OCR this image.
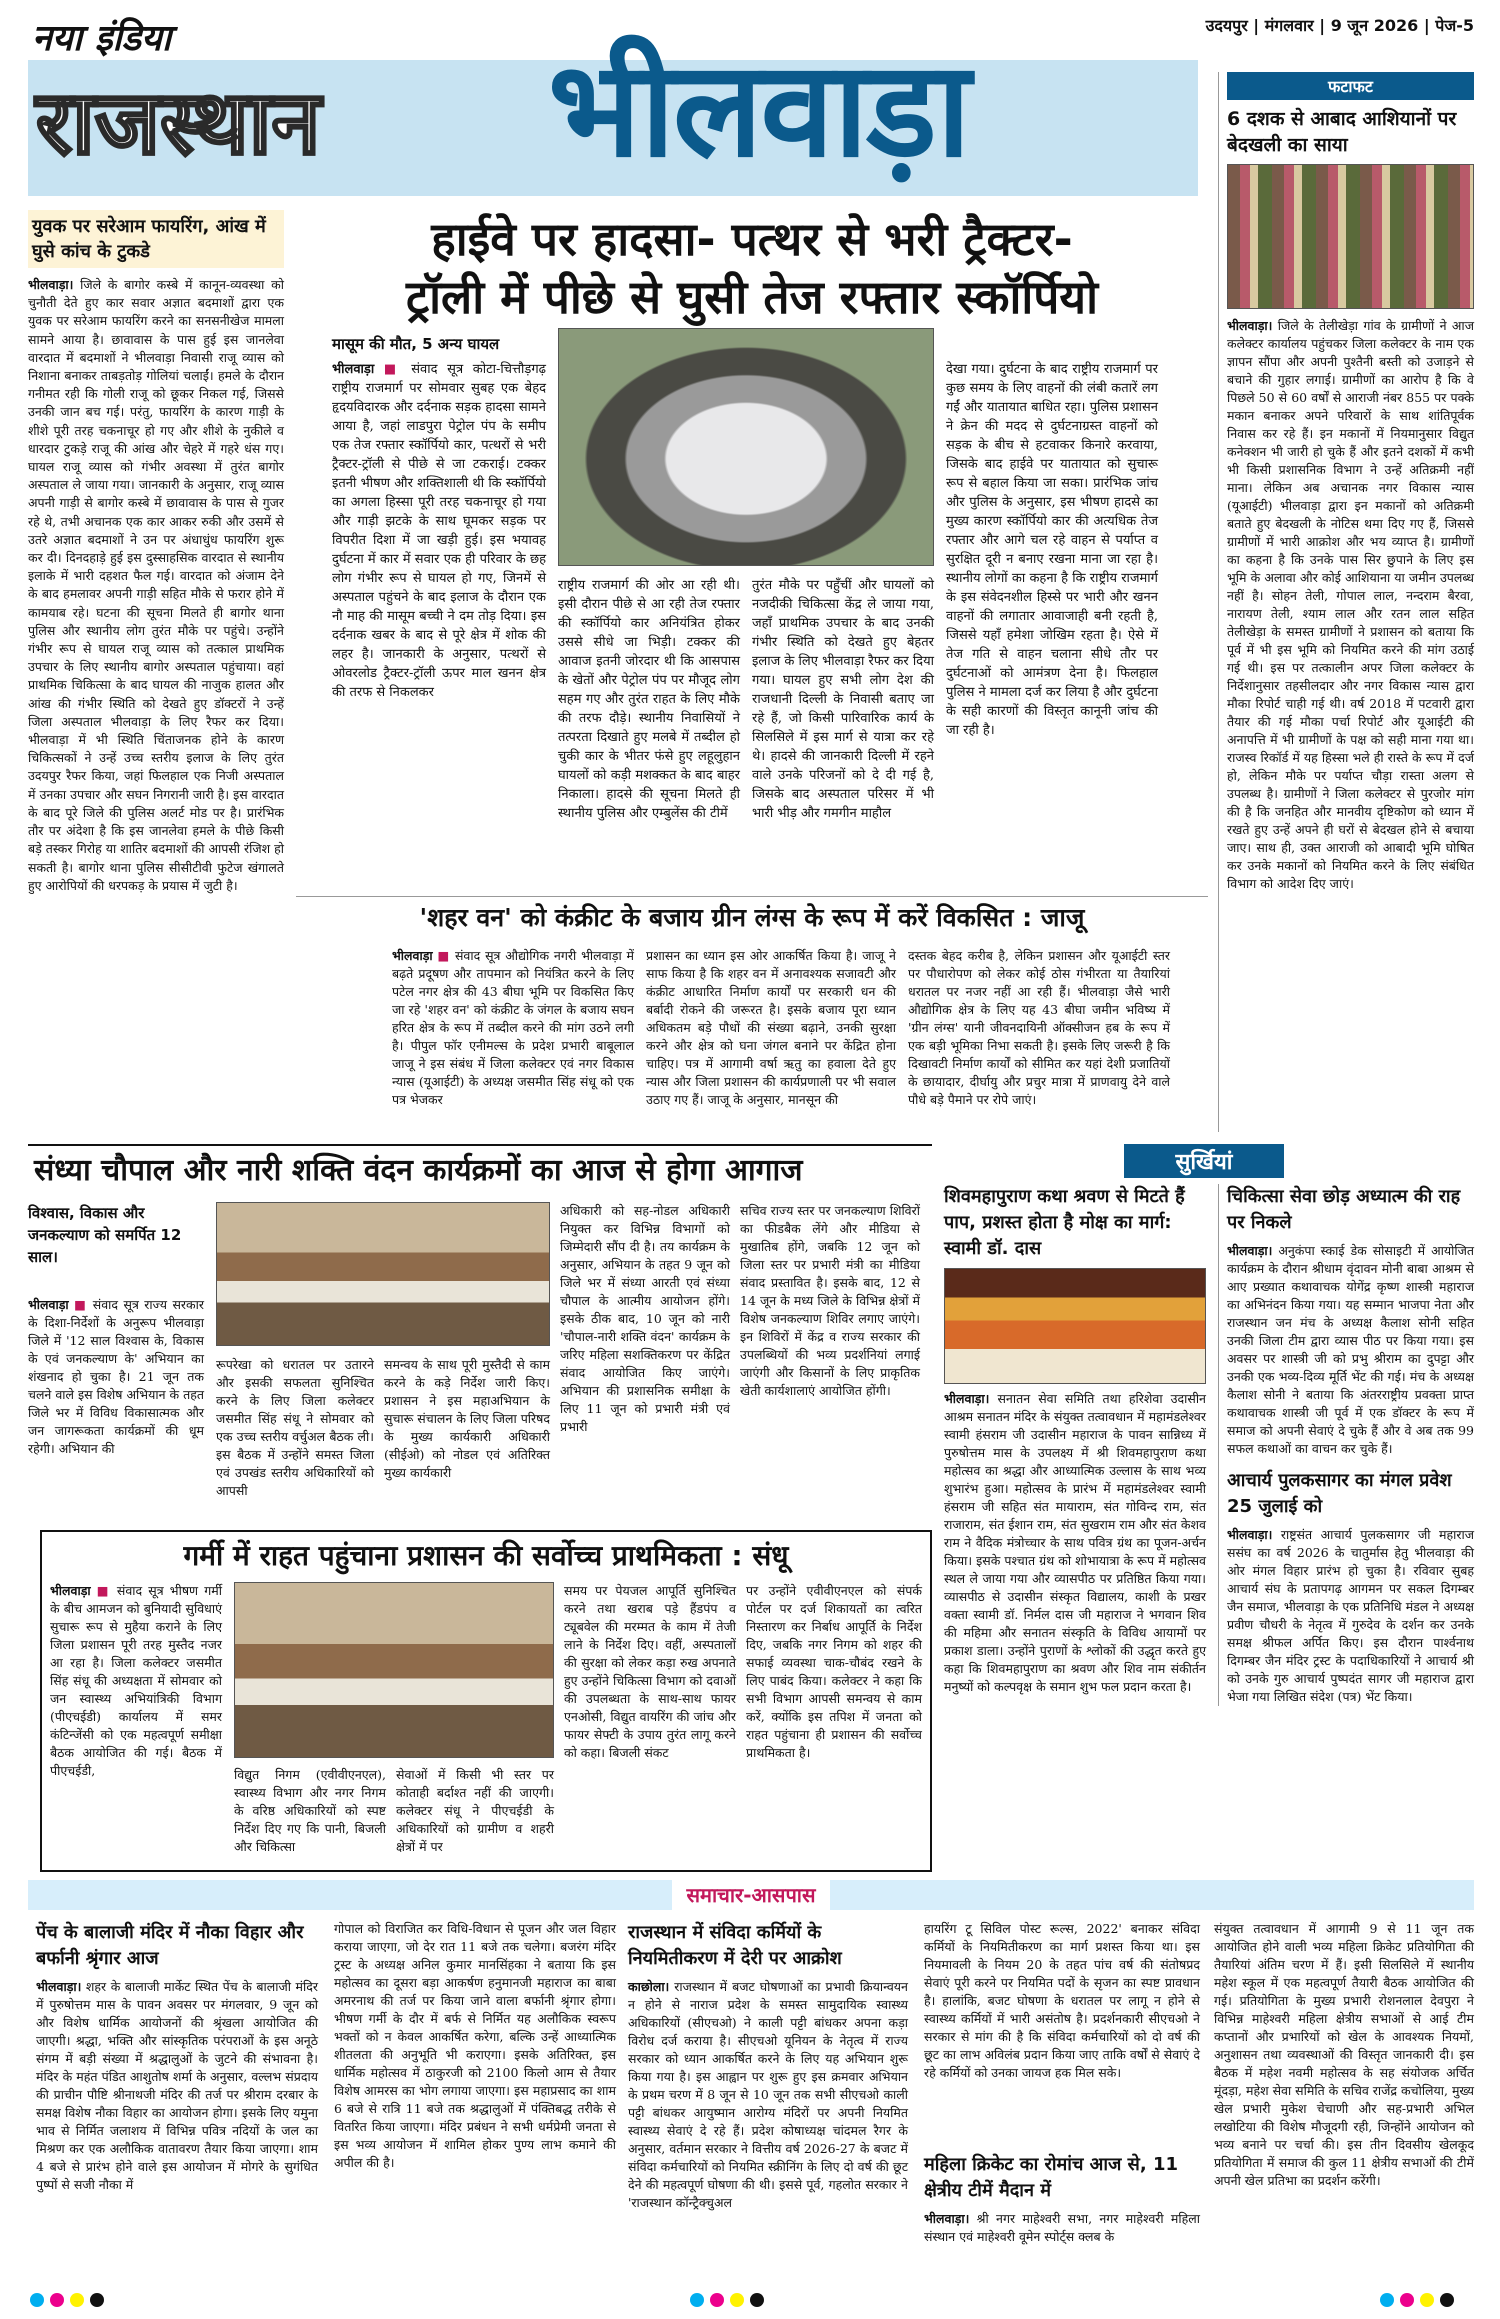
नया इंडिया	उदयपुर | मंगलवार | 9 जून 2026 | पेज-5
राजस्थान भीलवाड़ा	फटाफट
6 दशक से आबाद आशियानों पर बेदखली का साया
भीलवाड़ा। जिले के तेलीखेड़ा गांव के ग्रामीणों ने आज कलेक्टर कार्यालय पहुंचकर जिला कलेक्टर के नाम एक ज्ञापन सौंपा और अपनी पुश्तैनी बस्ती को उजाड़ने से बचाने की गुहार लगाई। ग्रामीणों का आरोप है कि वे पिछले 50 से 60 वर्षों से आराजी नंबर 855 पर पक्के मकान बनाकर अपने परिवारों के साथ शांतिपूर्वक निवास कर रहे हैं। इन मकानों में नियमानुसार विद्युत कनेक्शन भी जारी हो चुके हैं और इतने दशकों में कभी भी किसी प्रशासनिक विभाग ने उन्हें अतिक्रमी नहीं माना। लेकिन अब अचानक नगर विकास न्यास (यूआईटी) भीलवाड़ा द्वारा इन मकानों को अतिक्रमी बताते हुए बेदखली के नोटिस थमा दिए गए हैं, जिससे ग्रामीणों में भारी आक्रोश और भय व्याप्त है। ग्रामीणों का कहना है कि उनके पास सिर छुपाने के लिए इस भूमि के अलावा और कोई आशियाना या जमीन उपलब्ध नहीं है। सोहन तेली, गोपाल लाल, नन्दराम बैरवा, नारायण तेली, श्याम लाल और रतन लाल सहित तेलीखेड़ा के समस्त ग्रामीणों ने प्रशासन को बताया कि पूर्व में भी इस भूमि को नियमित करने की मांग उठाई गई थी। इस पर तत्कालीन अपर जिला कलेक्टर के निर्देशानुसार तहसीलदार और नगर विकास न्यास द्वारा मौका रिपोर्ट चाही गई थी। वर्ष 2018 में पटवारी द्वारा तैयार की गई मौका पर्चा रिपोर्ट और यूआईटी की अनापत्ति में भी ग्रामीणों के पक्ष को सही माना गया था। राजस्व रिकॉर्ड में यह हिस्सा भले ही रास्ते के रूप में दर्ज हो, लेकिन मौके पर पर्याप्त चौड़ा रास्ता अलग से उपलब्ध है। ग्रामीणों ने जिला कलेक्टर से पुरजोर मांग की है कि जनहित और मानवीय दृष्टिकोण को ध्यान में रखते हुए उन्हें अपने ही घरों से बेदखल होने से बचाया जाए। साथ ही, उक्त आराजी को आबादी भूमि घोषित कर उनके मकानों को नियमित करने के लिए संबंधित विभाग को आदेश दिए जाएं।
युवक पर सरेआम फायरिंग, आंख में घुसे कांच के टुकडे
भीलवाड़ा। जिले के बागोर कस्बे में कानून-व्यवस्था को चुनौती देते हुए कार सवार अज्ञात बदमाशों द्वारा एक युवक पर सरेआम फायरिंग करने का सनसनीखेज मामला सामने आया है। छावावास के पास हुई इस जानलेवा वारदात में बदमाशों ने भीलवाड़ा निवासी राजू व्यास को निशाना बनाकर ताबड़तोड़ गोलियां चलाईं। हमले के दौरान गनीमत रही कि गोली राजू को छूकर निकल गई, जिससे उनकी जान बच गई। परंतु, फायरिंग के कारण गाड़ी के शीशे पूरी तरह चकनाचूर हो गए और शीशे के नुकीले व धारदार टुकड़े राजू की आंख और चेहरे में गहरे धंस गए। घायल राजू व्यास को गंभीर अवस्था में तुरंत बागोर अस्पताल ले जाया गया। जानकारी के अनुसार, राजू व्यास अपनी गाड़ी से बागोर कस्बे में छावावास के पास से गुजर रहे थे, तभी अचानक एक कार आकर रुकी और उसमें से उतरे अज्ञात बदमाशों ने उन पर अंधाधुंध फायरिंग शुरू कर दी। दिनदहाड़े हुई इस दुस्साहसिक वारदात से स्थानीय इलाके में भारी दहशत फैल गई। वारदात को अंजाम देने के बाद हमलावर अपनी गाड़ी सहित मौके से फरार होने में कामयाब रहे। घटना की सूचना मिलते ही बागोर थाना पुलिस और स्थानीय लोग तुरंत मौके पर पहुंचे। उन्होंने गंभीर रूप से घायल राजू व्यास को तत्काल प्राथमिक उपचार के लिए स्थानीय बागोर अस्पताल पहुंचाया। वहां प्राथमिक चिकित्सा के बाद घायल की नाजुक हालत और आंख की गंभीर स्थिति को देखते हुए डॉक्टरों ने उन्हें जिला अस्पताल भीलवाड़ा के लिए रैफर कर दिया। भीलवाड़ा में भी स्थिति चिंताजनक होने के कारण चिकित्सकों ने उन्हें उच्च स्तरीय इलाज के लिए तुरंत उदयपुर रैफर किया, जहां फिलहाल एक निजी अस्पताल में उनका उपचार और सघन निगरानी जारी है। इस वारदात के बाद पूरे जिले की पुलिस अलर्ट मोड पर है। प्रारंभिक तौर पर अंदेशा है कि इस जानलेवा हमले के पीछे किसी बड़े तस्कर गिरोह या शातिर बदमाशों की आपसी रंजिश हो सकती है। बागोर थाना पुलिस सीसीटीवी फुटेज खंगालते हुए आरोपियों की धरपकड़ के प्रयास में जुटी है।
हाईवे पर हादसा- पत्थर से भरी ट्रैक्टर-
ट्रॉली में पीछे से घुसी तेज रफ्तार स्कॉर्पियो
मासूम की मौत, 5 अन्य घायल
भीलवाड़ा ■ संवाद सूत्र कोटा-चित्तौड़गढ़ राष्ट्रीय राजमार्ग पर सोमवार सुबह एक बेहद हृदयविदारक और दर्दनाक सड़क हादसा सामने आया है, जहां लाडपुरा पेट्रोल पंप के समीप एक तेज रफ्तार स्कॉर्पियो कार, पत्थरों से भरी ट्रैक्टर-ट्रॉली से पीछे से जा टकराई। टक्कर इतनी भीषण और शक्तिशाली थी कि स्कॉर्पियो का अगला हिस्सा पूरी तरह चकनाचूर हो गया और गाड़ी झटके के साथ घूमकर सड़क पर विपरीत दिशा में जा खड़ी हुई। इस भयावह दुर्घटना में कार में सवार एक ही परिवार के छह लोग गंभीर रूप से घायल हो गए, जिनमें से अस्पताल पहुंचने के बाद इलाज के दौरान एक नौ माह की मासूम बच्ची ने दम तोड़ दिया। इस दर्दनाक खबर के बाद से पूरे क्षेत्र में शोक की लहर है। जानकारी के अनुसार, पत्थरों से ओवरलोड ट्रैक्टर-ट्रॉली ऊपर माल खनन क्षेत्र की तरफ से निकलकर
राष्ट्रीय राजमार्ग की ओर आ रही थी। इसी दौरान पीछे से आ रही तेज रफ्तार की स्कॉर्पियो कार अनियंत्रित होकर उससे सीधे जा भिड़ी। टक्कर की आवाज इतनी जोरदार थी कि आसपास के खेतों और पेट्रोल पंप पर मौजूद लोग सहम गए और तुरंत राहत के लिए मौके की तरफ दौड़े। स्थानीय निवासियों ने तत्परता दिखाते हुए मलबे में तब्दील हो चुकी कार के भीतर फंसे हुए लहूलुहान घायलों को कड़ी मशक्कत के बाद बाहर निकाला। हादसे की सूचना मिलते ही स्थानीय पुलिस और एम्बुलेंस की टीमें
तुरंत मौके पर पहुँचीं और घायलों को नजदीकी चिकित्सा केंद्र ले जाया गया, जहाँ प्राथमिक उपचार के बाद उनकी गंभीर स्थिति को देखते हुए बेहतर इलाज के लिए भीलवाड़ा रैफर कर दिया गया। घायल हुए सभी लोग देश की राजधानी दिल्ली के निवासी बताए जा रहे हैं, जो किसी पारिवारिक कार्य के सिलसिले में इस मार्ग से यात्रा कर रहे थे। हादसे की जानकारी दिल्ली में रहने वाले उनके परिजनों को दे दी गई है, जिसके बाद अस्पताल परिसर में भी भारी भीड़ और गमगीन माहौल
देखा गया। दुर्घटना के बाद राष्ट्रीय राजमार्ग पर कुछ समय के लिए वाहनों की लंबी कतारें लग गईं और यातायात बाधित रहा। पुलिस प्रशासन ने क्रेन की मदद से दुर्घटनाग्रस्त वाहनों को सड़क के बीच से हटवाकर किनारे करवाया, जिसके बाद हाईवे पर यातायात को सुचारू रूप से बहाल किया जा सका। प्रारंभिक जांच और पुलिस के अनुसार, इस भीषण हादसे का मुख्य कारण स्कॉर्पियो कार की अत्यधिक तेज रफ्तार और आगे चल रहे वाहन से पर्याप्त व सुरक्षित दूरी न बनाए रखना माना जा रहा है। स्थानीय लोगों का कहना है कि राष्ट्रीय राजमार्ग के इस संवेदनशील हिस्से पर भारी और खनन वाहनों की लगातार आवाजाही बनी रहती है, जिससे यहाँ हमेशा जोखिम रहता है। ऐसे में तेज गति से वाहन चलाना सीधे तौर पर दुर्घटनाओं को आमंत्रण देना है। फिलहाल पुलिस ने मामला दर्ज कर लिया है और दुर्घटना के सही कारणों की विस्तृत कानूनी जांच की जा रही है।
'शहर वन' को कंक्रीट के बजाय ग्रीन लंग्स के रूप में करें विकसित : जाजू
भीलवाड़ा ■ संवाद सूत्र औद्योगिक नगरी भीलवाड़ा में बढ़ते प्रदूषण और तापमान को नियंत्रित करने के लिए पटेल नगर क्षेत्र की 43 बीघा भूमि पर विकसित किए जा रहे 'शहर वन' को कंक्रीट के जंगल के बजाय सघन हरित क्षेत्र के रूप में तब्दील करने की मांग उठने लगी है। पीपुल फॉर एनीमल्स के प्रदेश प्रभारी बाबूलाल जाजू ने इस संबंध में जिला कलेक्टर एवं नगर विकास न्यास (यूआईटी) के अध्यक्ष जसमीत सिंह संधू को एक पत्र भेजकर
प्रशासन का ध्यान इस ओर आकर्षित किया है। जाजू ने साफ किया है कि शहर वन में अनावश्यक सजावटी और कंक्रीट आधारित निर्माण कार्यों पर सरकारी धन की बर्बादी रोकने की जरूरत है। इसके बजाय पूरा ध्यान अधिकतम बड़े पौधों की संख्या बढ़ाने, उनकी सुरक्षा करने और क्षेत्र को घना जंगल बनाने पर केंद्रित होना चाहिए। पत्र में आगामी वर्षा ऋतु का हवाला देते हुए न्यास और जिला प्रशासन की कार्यप्रणाली पर भी सवाल उठाए गए हैं। जाजू के अनुसार, मानसून की
दस्तक बेहद करीब है, लेकिन प्रशासन और यूआईटी स्तर पर पौधारोपण को लेकर कोई ठोस गंभीरता या तैयारियां धरातल पर नजर नहीं आ रही हैं। भीलवाड़ा जैसे भारी औद्योगिक क्षेत्र के लिए यह 43 बीघा जमीन भविष्य में 'ग्रीन लंग्स' यानी जीवनदायिनी ऑक्सीजन हब के रूप में एक बड़ी भूमिका निभा सकती है। इसके लिए जरूरी है कि दिखावटी निर्माण कार्यों को सीमित कर यहां देशी प्रजातियों के छायादार, दीर्घायु और प्रचुर मात्रा में प्राणवायु देने वाले पौधे बड़े पैमाने पर रोपे जाएं।
संध्या चौपाल और नारी शक्ति वंदन कार्यक्रमों का आज से होगा आगाज
विश्वास, विकास और जनकल्याण को समर्पित 12 साल।
भीलवाड़ा ■ संवाद सूत्र राज्य सरकार के दिशा-निर्देशों के अनुरूप भीलवाड़ा जिले में '12 साल विश्वास के, विकास के एवं जनकल्याण के' अभियान का शंखनाद हो चुका है। 21 जून तक चलने वाले इस विशेष अभियान के तहत जिले भर में विविध विकासात्मक और जन जागरूकता कार्यक्रमों की धूम रहेगी। अभियान की
रूपरेखा को धरातल पर उतारने और इसकी सफलता सुनिश्चित करने के लिए जिला कलेक्टर जसमीत सिंह संधू ने सोमवार को एक उच्च स्तरीय वर्चुअल बैठक ली। इस बैठक में उन्होंने समस्त जिला एवं उपखंड स्तरीय अधिकारियों को आपसी
समन्वय के साथ पूरी मुस्तैदी से काम करने के कड़े निर्देश जारी किए। प्रशासन ने इस महाअभियान के सुचारू संचालन के लिए जिला परिषद के मुख्य कार्यकारी अधिकारी (सीईओ) को नोडल एवं अतिरिक्त मुख्य कार्यकारी
अधिकारी को सह-नोडल अधिकारी नियुक्त कर विभिन्न विभागों को जिम्मेदारी सौंप दी है। तय कार्यक्रम के अनुसार, अभियान के तहत 9 जून को जिले भर में संध्या आरती एवं संध्या चौपाल के आत्मीय आयोजन होंगे। इसके ठीक बाद, 10 जून को नारी 'चौपाल-नारी शक्ति वंदन' कार्यक्रम के जरिए महिला सशक्तिकरण पर केंद्रित संवाद आयोजित किए जाएंगे। अभियान की प्रशासनिक समीक्षा के लिए 11 जून को प्रभारी मंत्री एवं प्रभारी
सचिव राज्य स्तर पर जनकल्याण शिविरों का फीडबैक लेंगे और मीडिया से मुखातिब होंगे, जबकि 12 जून को जिला स्तर पर प्रभारी मंत्री का मीडिया संवाद प्रस्तावित है। इसके बाद, 12 से 14 जून के मध्य जिले के विभिन्न क्षेत्रों में विशेष जनकल्याण शिविर लगाए जाएंगे। इन शिविरों में केंद्र व राज्य सरकार की उपलब्धियों की भव्य प्रदर्शनियां लगाई जाएंगी और किसानों के लिए प्राकृतिक खेती कार्यशालाएं आयोजित होंगी।
गर्मी में राहत पहुंचाना प्रशासन की सर्वोच्च प्राथमिकता : संधू
भीलवाड़ा ■ संवाद सूत्र भीषण गर्मी के बीच आमजन को बुनियादी सुविधाएं सुचारू रूप से मुहैया कराने के लिए जिला प्रशासन पूरी तरह मुस्तैद नजर आ रहा है। जिला कलेक्टर जसमीत सिंह संधू की अध्यक्षता में सोमवार को जन स्वास्थ्य अभियांत्रिकी विभाग (पीएचईडी) कार्यालय में समर कंटिन्जेंसी को एक महत्वपूर्ण समीक्षा बैठक आयोजित की गई। बैठक में पीएचईडी,	विद्युत निगम (एवीवीएनएल), स्वास्थ्य विभाग और नगर निगम के वरिष्ठ अधिकारियों को स्पष्ट निर्देश दिए गए कि पानी, बिजली और चिकित्सा
सेवाओं में किसी भी स्तर पर कोताही बर्दाश्त नहीं की जाएगी। कलेक्टर संधू ने पीएचईडी के अधिकारियों को ग्रामीण व शहरी क्षेत्रों में पर
समय पर पेयजल आपूर्ति सुनिश्चित करने तथा खराब पड़े हैंडपंप व ट्यूबवेल की मरम्मत के काम में तेजी लाने के निर्देश दिए। वहीं, अस्पतालों की सुरक्षा को लेकर कड़ा रुख अपनाते हुए उन्होंने चिकित्सा विभाग को दवाओं की उपलब्धता के साथ-साथ फायर एनओसी, विद्युत वायरिंग की जांच और फायर सेफ्टी के उपाय तुरंत लागू करने को कहा। बिजली संकट
पर उन्होंने एवीवीएनएल को संपर्क पोर्टल पर दर्ज शिकायतों का त्वरित निस्तारण कर निर्बाध आपूर्ति के निर्देश दिए, जबकि नगर निगम को शहर की सफाई व्यवस्था चाक-चौबंद रखने के लिए पाबंद किया। कलेक्टर ने कहा कि सभी विभाग आपसी समन्वय से काम करें, क्योंकि इस तपिश में जनता को राहत पहुंचाना ही प्रशासन की सर्वोच्च प्राथमिकता है।
सुर्खियां
शिवमहापुराण कथा श्रवण से मिटते हैं पाप, प्रशस्त होता है मोक्ष का मार्ग: स्वामी डॉ. दास
भीलवाड़ा। सनातन सेवा समिति तथा हरिशेवा उदासीन आश्रम सनातन मंदिर के संयुक्त तत्वावधान में महामंडलेश्वर स्वामी हंसराम जी उदासीन महाराज के पावन सान्निध्य में पुरुषोत्तम मास के उपलक्ष्य में श्री शिवमहापुराण कथा महोत्सव का श्रद्धा और आध्यात्मिक उल्लास के साथ भव्य शुभारंभ हुआ। महोत्सव के प्रारंभ में महामंडलेश्वर स्वामी हंसराम जी सहित संत मायाराम, संत गोविन्द राम, संत राजाराम, संत ईशान राम, संत सुखराम राम और संत केशव राम ने वैदिक मंत्रोच्चार के साथ पवित्र ग्रंथ का पूजन-अर्चन किया। इसके पश्चात ग्रंथ को शोभायात्रा के रूप में महोत्सव स्थल ले जाया गया और व्यासपीठ पर प्रतिष्ठित किया गया। व्यासपीठ से उदासीन संस्कृत विद्यालय, काशी के प्रखर वक्ता स्वामी डॉ. निर्मल दास जी महाराज ने भगवान शिव की महिमा और सनातन संस्कृति के विविध आयामों पर प्रकाश डाला। उन्होंने पुराणों के श्लोकों की उद्धृत करते हुए कहा कि शिवमहापुराण का श्रवण और शिव नाम संकीर्तन मनुष्यों को कल्पवृक्ष के समान शुभ फल प्रदान करता है।
चिकित्सा सेवा छोड़ अध्यात्म की राह पर निकले
भीलवाड़ा। अनुकंपा स्काई डेक सोसाइटी में आयोजित कार्यक्रम के दौरान श्रीधाम वृंदावन मोनी बाबा आश्रम से आए प्रख्यात कथावाचक योगेंद्र कृष्ण शास्त्री महाराज का अभिनंदन किया गया। यह सम्मान भाजपा नेता और राजस्थान जन मंच के अध्यक्ष कैलाश सोनी सहित उनकी जिला टीम द्वारा व्यास पीठ पर किया गया। इस अवसर पर शास्त्री जी को प्रभु श्रीराम का दुपट्टा और उनकी एक भव्य-दिव्य मूर्ति भेंट की गई। मंच के अध्यक्ष कैलाश सोनी ने बताया कि अंतरराष्ट्रीय प्रवक्ता प्राप्त कथावाचक शास्त्री जी पूर्व में एक डॉक्टर के रूप में समाज को अपनी सेवाएं दे चुके हैं और वे अब तक 99 सफल कथाओं का वाचन कर चुके हैं।
आचार्य पुलकसागर का मंगल प्रवेश 25 जुलाई को
भीलवाड़ा। राष्ट्रसंत आचार्य पुलकसागर जी महाराज ससंघ का वर्ष 2026 के चातुर्मास हेतु भीलवाड़ा की ओर मंगल विहार प्रारंभ हो चुका है। रविवार सुबह आचार्य संघ के प्रतापगढ़ आगमन पर सकल दिगम्बर जैन समाज, भीलवाड़ा के एक प्रतिनिधि मंडल ने अध्यक्ष प्रवीण चौधरी के नेतृत्व में गुरुदेव के दर्शन कर उनके समक्ष श्रीफल अर्पित किए। इस दौरान पार्श्वनाथ दिगम्बर जैन मंदिर ट्रस्ट के पदाधिकारियों ने आचार्य श्री को उनके गुरु आचार्य पुष्पदंत सागर जी महाराज द्वारा भेजा गया लिखित संदेश (पत्र) भेंट किया।
समाचार-आसपास
पेंच के बालाजी मंदिर में नौका विहार और बर्फानी श्रृंगार आज
भीलवाड़ा। शहर के बालाजी मार्केट स्थित पेंच के बालाजी मंदिर में पुरुषोत्तम मास के पावन अवसर पर मंगलवार, 9 जून को और विशेष धार्मिक आयोजनों की श्रृंखला आयोजित की जाएगी। श्रद्धा, भक्ति और सांस्कृतिक परंपराओं के इस अनूठे संगम में बड़ी संख्या में श्रद्धालुओं के जुटने की संभावना है। मंदिर के महंत पंडित आशुतोष शर्मा के अनुसार, वल्लभ संप्रदाय की प्राचीन पौष्टि श्रीनाथजी मंदिर की तर्ज पर श्रीराम दरबार के समक्ष विशेष नौका विहार का आयोजन होगा। इसके लिए यमुना भाव से निर्मित जलाशय में विभिन्न पवित्र नदियों के जल का मिश्रण कर एक अलौकिक वातावरण तैयार किया जाएगा। शाम 4 बजे से प्रारंभ होने वाले इस आयोजन में मोगरे के सुगंधित पुष्पों से सजी नौका में
गोपाल को विराजित कर विधि-विधान से पूजन और जल विहार कराया जाएगा, जो देर रात 11 बजे तक चलेगा। बजरंग मंदिर ट्रस्ट के अध्यक्ष अनिल कुमार मानसिंहका ने बताया कि इस महोत्सव का दूसरा बड़ा आकर्षण हनुमानजी महाराज का बाबा अमरनाथ की तर्ज पर किया जाने वाला बर्फानी श्रृंगार होगा। भीषण गर्मी के दौर में बर्फ से निर्मित यह अलौकिक स्वरूप भक्तों को न केवल आकर्षित करेगा, बल्कि उन्हें आध्यात्मिक शीतलता की अनुभूति भी कराएगा। इसके अतिरिक्त, इस धार्मिक महोत्सव में ठाकुरजी को 2100 किलो आम से तैयार विशेष आमरस का भोग लगाया जाएगा। इस महाप्रसाद का शाम 6 बजे से रात्रि 11 बजे तक श्रद्धालुओं में पंक्तिबद्ध तरीके से वितरित किया जाएगा। मंदिर प्रबंधन ने सभी धर्मप्रेमी जनता से इस भव्य आयोजन में शामिल होकर पुण्य लाभ कमाने की अपील की है।
राजस्थान में संविदा कर्मियों के नियमितीकरण में देरी पर आक्रोश
काछोला। राजस्थान में बजट घोषणाओं का प्रभावी क्रियान्वयन न होने से नाराज प्रदेश के समस्त सामुदायिक स्वास्थ्य अधिकारियों (सीएचओ) ने काली पट्टी बांधकर अपना कड़ा विरोध दर्ज कराया है। सीएचओ यूनियन के नेतृत्व में राज्य सरकार को ध्यान आकर्षित करने के लिए यह अभियान शुरू किया गया है। इस आह्वान पर शुरू हुए इस क्रमवार अभियान के प्रथम चरण में 8 जून से 10 जून तक सभी सीएचओ काली पट्टी बांधकर आयुष्मान आरोग्य मंदिरों पर अपनी नियमित स्वास्थ्य सेवाएं दे रहे हैं। प्रदेश कोषाध्यक्ष चांदमल रैगर के अनुसार, वर्तमान सरकार ने वित्तीय वर्ष 2026-27 के बजट में संविदा कर्मचारियों को नियमित स्क्रीनिंग के लिए दो वर्ष की छूट देने की महत्वपूर्ण घोषणा की थी। इससे पूर्व, गहलोत सरकार ने 'राजस्थान कॉन्ट्रैक्चुअल
हायरिंग टू सिविल पोस्ट रूल्स, 2022' बनाकर संविदा कर्मियों के नियमितीकरण का मार्ग प्रशस्त किया था। इस नियमावली के नियम 20 के तहत पांच वर्ष की संतोषप्रद सेवाएं पूरी करने पर नियमित पदों के सृजन का स्पष्ट प्रावधान है। हालांकि, बजट घोषणा के धरातल पर लागू न होने से स्वास्थ्य कर्मियों में भारी असंतोष है। प्रदर्शनकारी सीएचओ ने सरकार से मांग की है कि संविदा कर्मचारियों को दो वर्ष की छूट का लाभ अविलंब प्रदान किया जाए ताकि वर्षों से सेवाएं दे रहे कर्मियों को उनका जायज हक मिल सके।
महिला क्रिकेट का रोमांच आज से, 11 क्षेत्रीय टीमें मैदान में
भीलवाड़ा। श्री नगर माहेश्वरी सभा, नगर माहेश्वरी महिला संस्थान एवं माहेश्वरी वूमेन स्पोर्ट्स क्लब के
संयुक्त तत्वावधान में आगामी 9 से 11 जून तक आयोजित होने वाली भव्य महिला क्रिकेट प्रतियोगिता की तैयारियां अंतिम चरण में हैं। इसी सिलसिले में स्थानीय महेश स्कूल में एक महत्वपूर्ण तैयारी बैठक आयोजित की गई। प्रतियोगिता के मुख्य प्रभारी रोशनलाल देवपुरा ने विभिन्न माहेश्वरी महिला क्षेत्रीय सभाओं से आई टीम कप्तानों और प्रभारियों को खेल के आवश्यक नियमों, अनुशासन तथा व्यवस्थाओं की विस्तृत जानकारी दी। इस बैठक में महेश नवमी महोत्सव के सह संयोजक अर्चित मूंदड़ा, महेश सेवा समिति के सचिव राजेंद्र कचोलिया, मुख्य खेल प्रभारी मुकेश चेचाणी और सह-प्रभारी अभिल लखोटिया की विशेष मौजूदगी रही, जिन्होंने आयोजन को भव्य बनाने पर चर्चा की। इस तीन दिवसीय खेलकूद प्रतियोगिता में समाज की कुल 11 क्षेत्रीय सभाओं की टीमें अपनी खेल प्रतिभा का प्रदर्शन करेंगी।
